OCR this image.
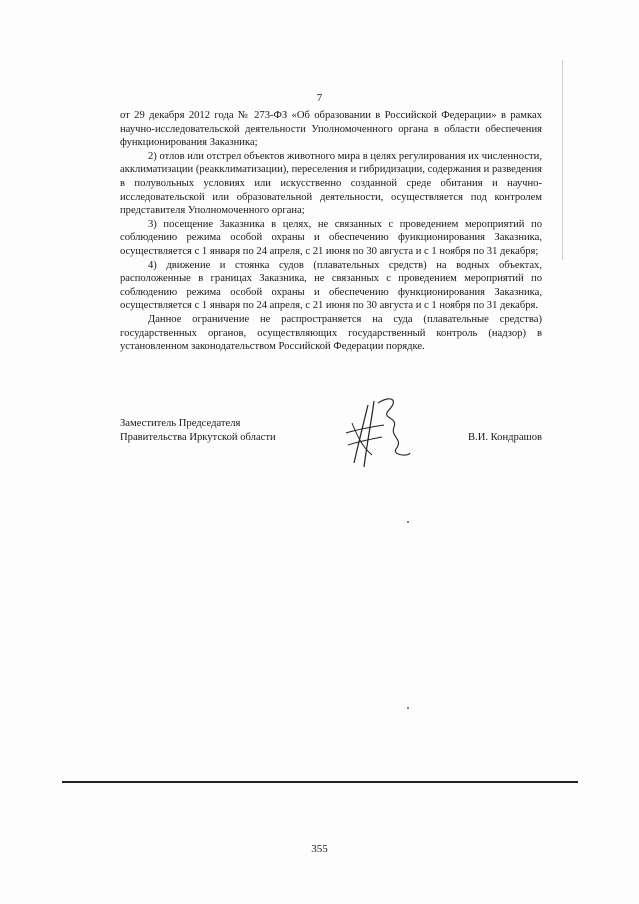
7

от 29 декабря 2012 года № 273-ФЗ «Об образовании в Российской Федерации» в рамках научно-исследовательской деятельности Уполномоченного органа в области обеспечения функционирования Заказника;

2) отлов или отстрел объектов животного мира в целях регулирования их численности, акклиматизации (реакклиматизации), переселения и гибридизации, содержания и разведения в полувольных условиях или искусственно созданной среде обитания и научно-исследовательской или образовательной деятельности, осуществляется под контролем представителя Уполномоченного органа;

3) посещение Заказника в целях, не связанных с проведением мероприятий по соблюдению режима особой охраны и обеспечению функционирования Заказника, осуществляется с 1 января по 24 апреля, с 21 июня по 30 августа и с 1 ноября по 31 декабря;

4) движение и стоянка судов (плавательных средств) на водных объектах, расположенные в границах Заказника, не связанных с проведением мероприятий по соблюдению режима особой охраны и обеспечению функционирования Заказника, осуществляется с 1 января по 24 апреля, с 21 июня по 30 августа и с 1 ноября по 31 декабря.

Данное ограничение не распространяется на суда (плавательные средства) государственных органов, осуществляющих государственный контроль (надзор) в установленном законодательством Российской Федерации порядке.

Заместитель Председателя
Правительства Иркутской области	В.И. Кондрашов
355
